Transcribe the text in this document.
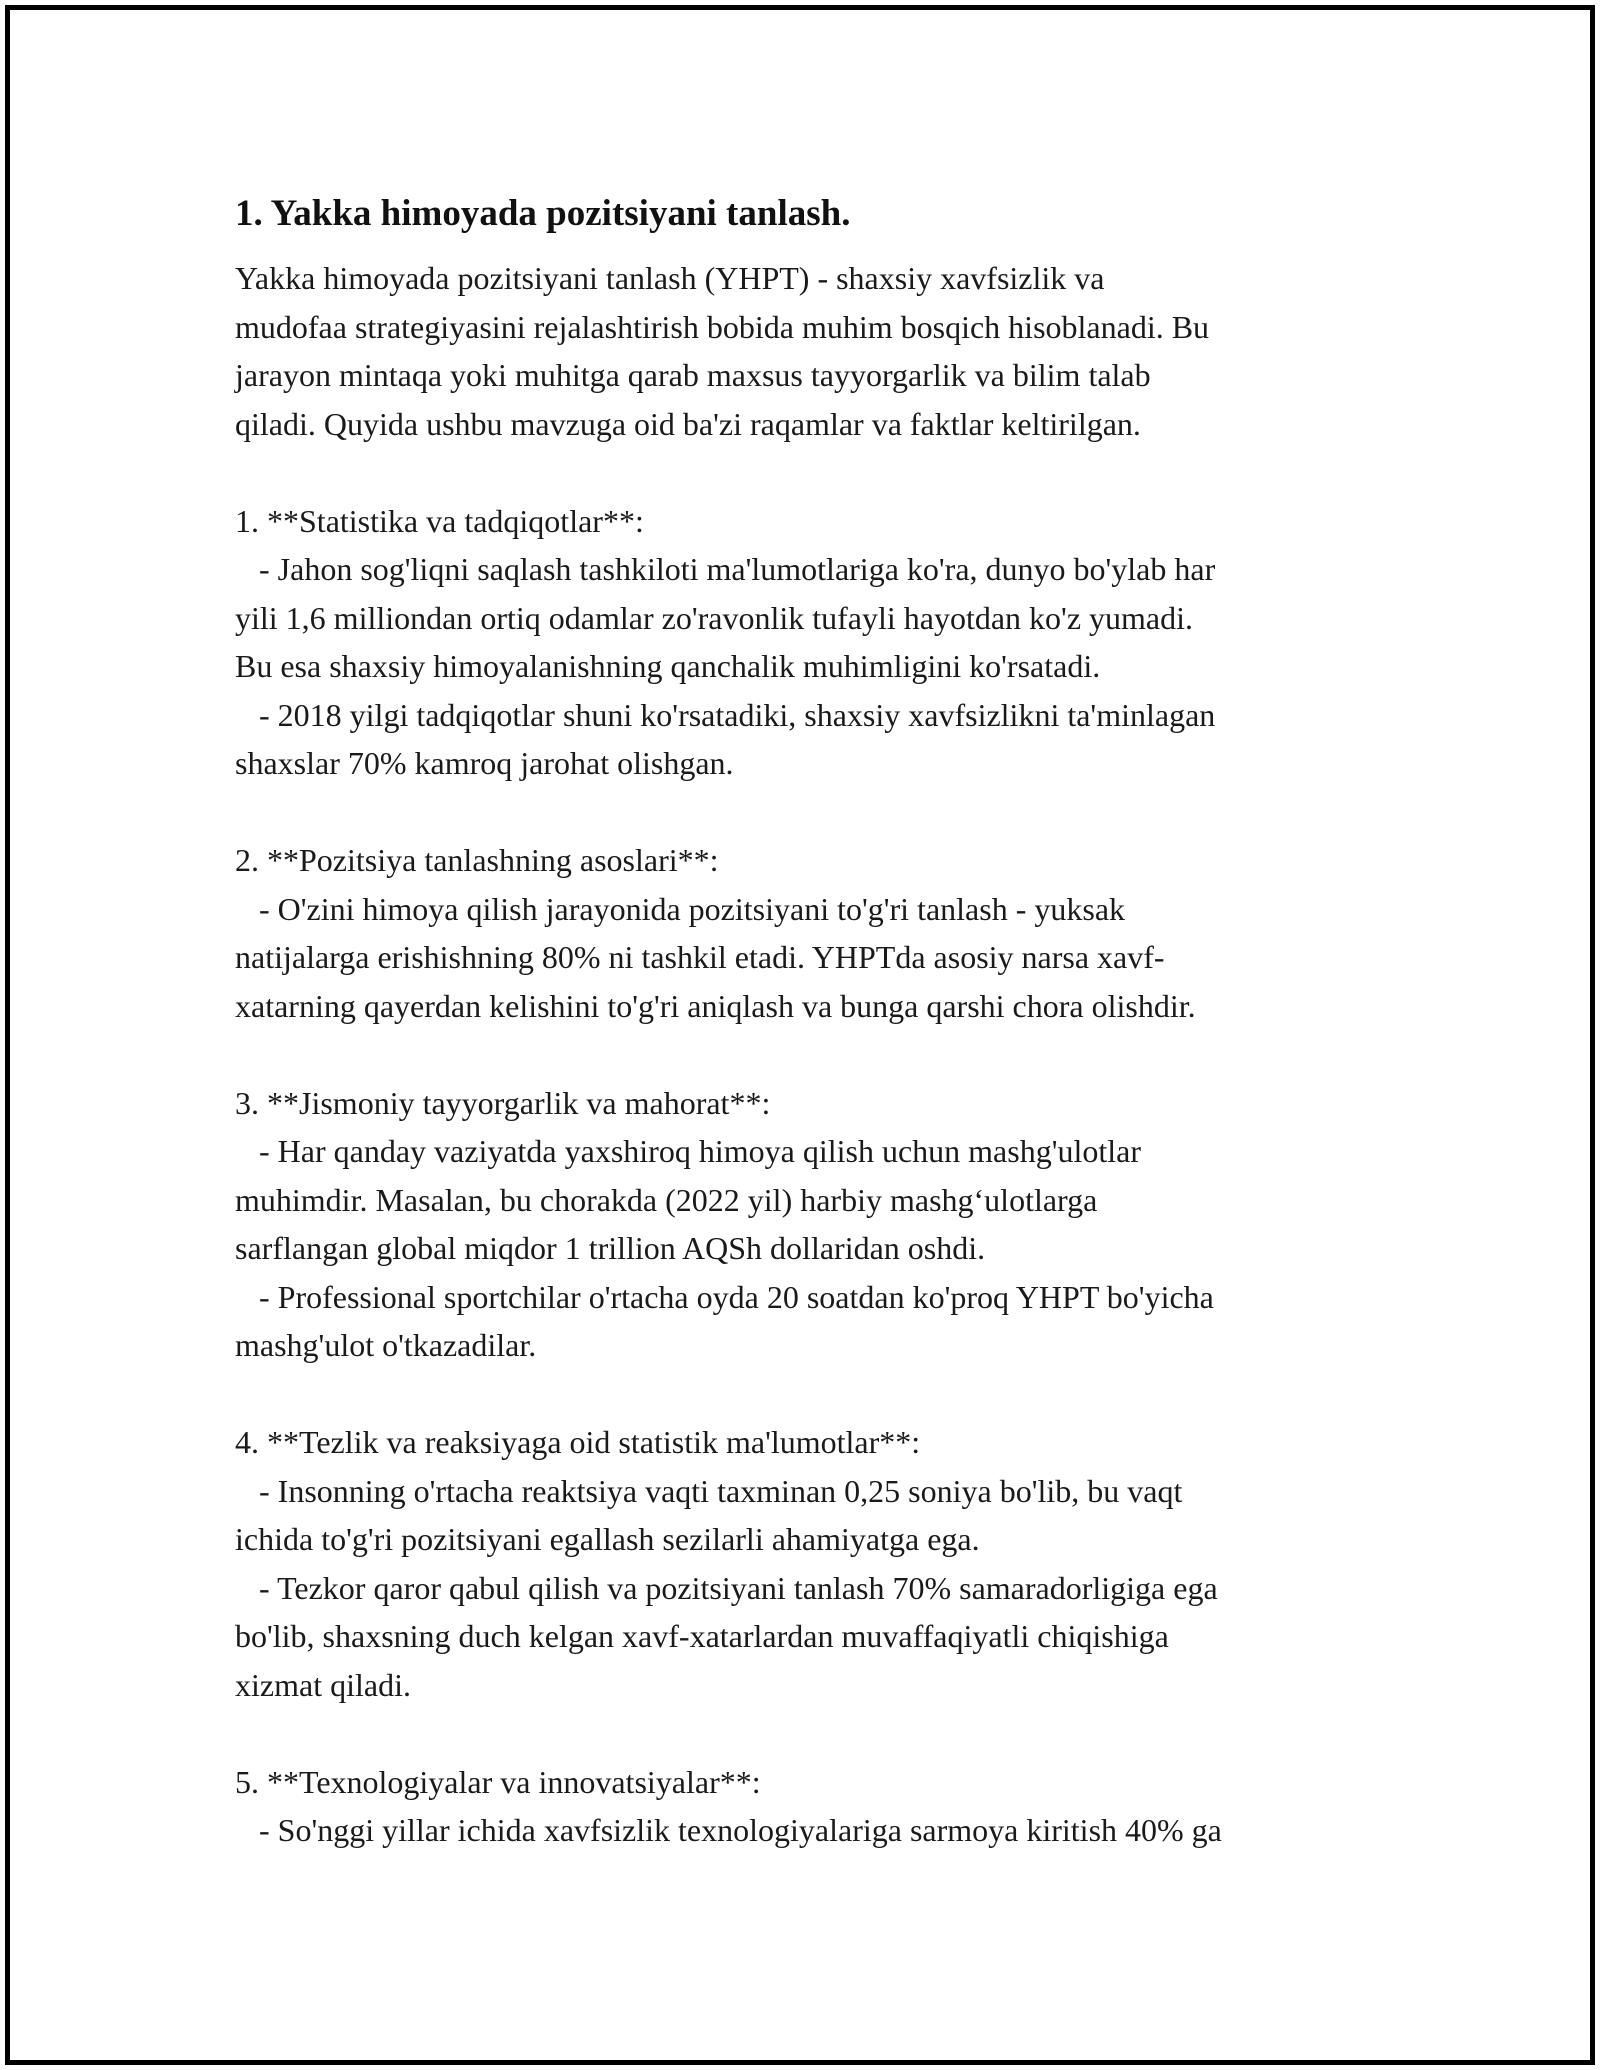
1. Yakka himoyada pozitsiyani tanlash.

Yakka himoyada pozitsiyani tanlash (YHPT) - shaxsiy xavfsizlik va
mudofaa strategiyasini rejalashtirish bobida muhim bosqich hisoblanadi. Bu
jarayon mintaqa yoki muhitga qarab maxsus tayyorgarlik va bilim talab
qiladi. Quyida ushbu mavzuga oid ba'zi raqamlar va faktlar keltirilgan.

1. **Statistika va tadqiqotlar**:

- Jahon sog'liqni saqlash tashkiloti ma'lumotlariga ko'ra, dunyo bo'ylab har
yili 1,6 milliondan ortiq odamlar zo'ravonlik tufayli hayotdan ko'z yumadi.
Bu esa shaxsiy himoyalanishning qanchalik muhimligini ko'rsatadi.

- 2018 yilgi tadqiqotlar shuni ko'rsatadiki, shaxsiy xavfsizlikni ta'minlagan
shaxslar 70% kamroq jarohat olishgan.

2. **Pozitsiya tanlashning asoslari**:

- O'zini himoya qilish jarayonida pozitsiyani to'g'ri tanlash - yuksak
natijalarga erishishning 80% ni tashkil etadi. YHPTda asosiy narsa xavf-
xatarning qayerdan kelishini to'g'ri aniqlash va bunga qarshi chora olishdir.

3. **Jismoniy tayyorgarlik va mahorat**:

- Har qanday vaziyatda yaxshiroq himoya qilish uchun mashg'ulotlar
muhimdir. Masalan, bu chorakda (2022 yil) harbiy mashg‘ulotlarga
sarflangan global miqdor 1 trillion AQSh dollaridan oshdi.

- Professional sportchilar o'rtacha oyda 20 soatdan ko'proq YHPT bo'yicha
mashg'ulot o'tkazadilar.

4. **Tezlik va reaksiyaga oid statistik ma'lumotlar**:

- Insonning o'rtacha reaktsiya vaqti taxminan 0,25 soniya bo'lib, bu vaqt
ichida to'g'ri pozitsiyani egallash sezilarli ahamiyatga ega.

- Tezkor qaror qabul qilish va pozitsiyani tanlash 70% samaradorligiga ega
bo'lib, shaxsning duch kelgan xavf-xatarlardan muvaffaqiyatli chiqishiga
xizmat qiladi.

5. **Texnologiyalar va innovatsiyalar**:

- So'nggi yillar ichida xavfsizlik texnologiyalariga sarmoya kiritish 40% ga
